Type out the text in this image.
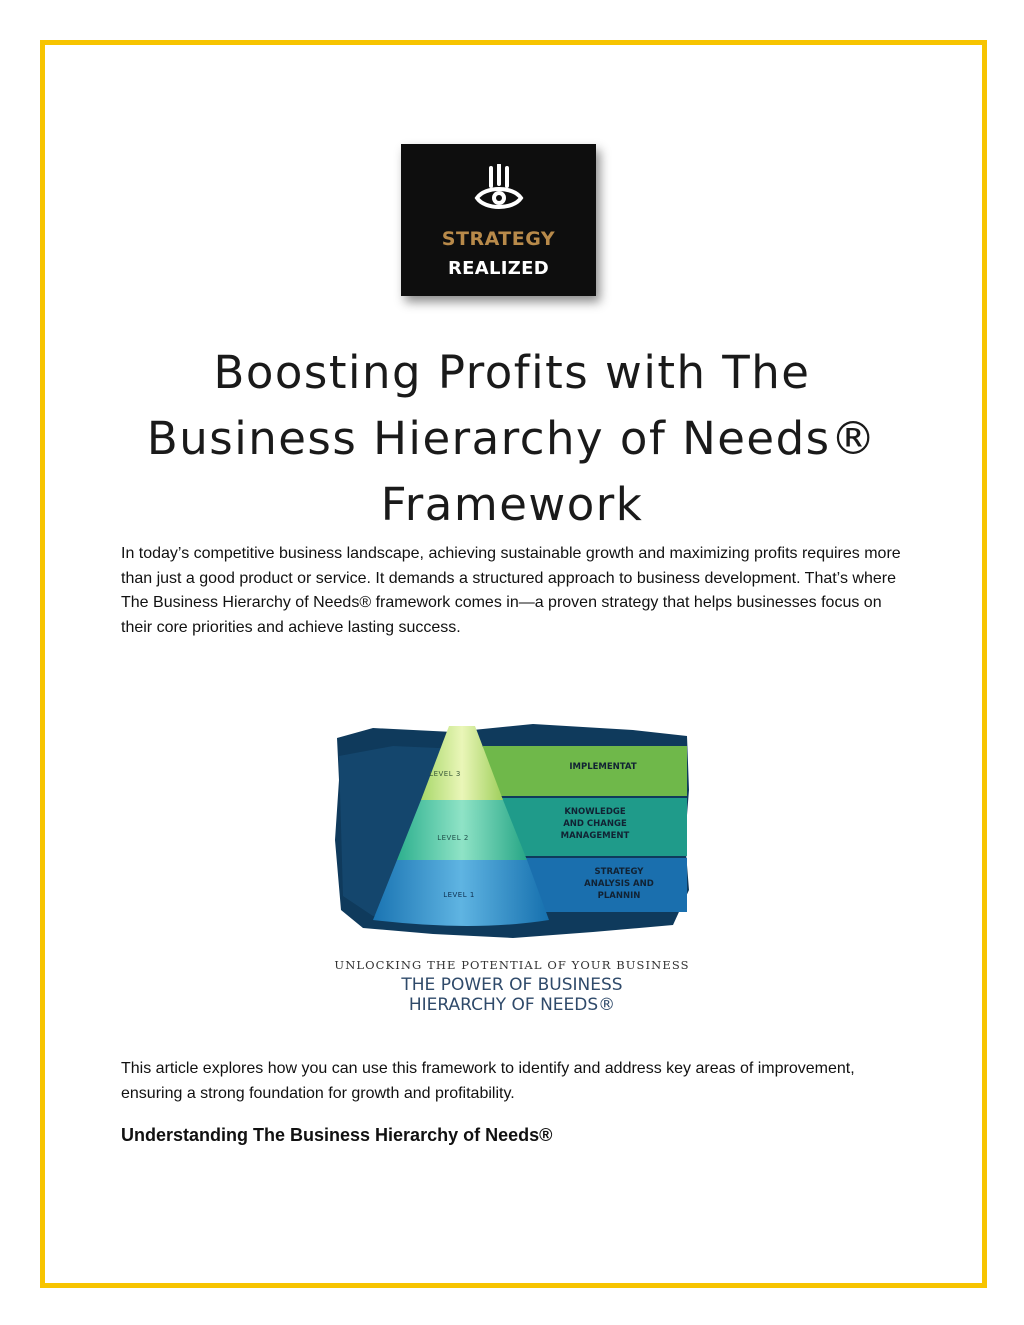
STRATEGY
REALIZED
Boosting Profits with The
Business Hierarchy of Needs®
Framework

In today’s competitive business landscape, achieving sustainable growth and maximizing profits requires more than just a good product or service. It demands a structured approach to business development. That’s where The Business Hierarchy of Needs® framework comes in—a proven strategy that helps businesses focus on their core priorities and achieve lasting success.

LEVEL 3
LEVEL 2
LEVEL 1
IMPLEMENTAT
KNOWLEDGE
AND CHANGE
MANAGEMENT
STRATEGY
ANALYSIS AND
PLANNIN
UNLOCKING THE POTENTIAL OF YOUR BUSINESS
THE POWER OF BUSINESS
HIERARCHY OF NEEDS®

This article explores how you can use this framework to identify and address key areas of improvement, ensuring a strong foundation for growth and profitability.

Understanding The Business Hierarchy of Needs®
